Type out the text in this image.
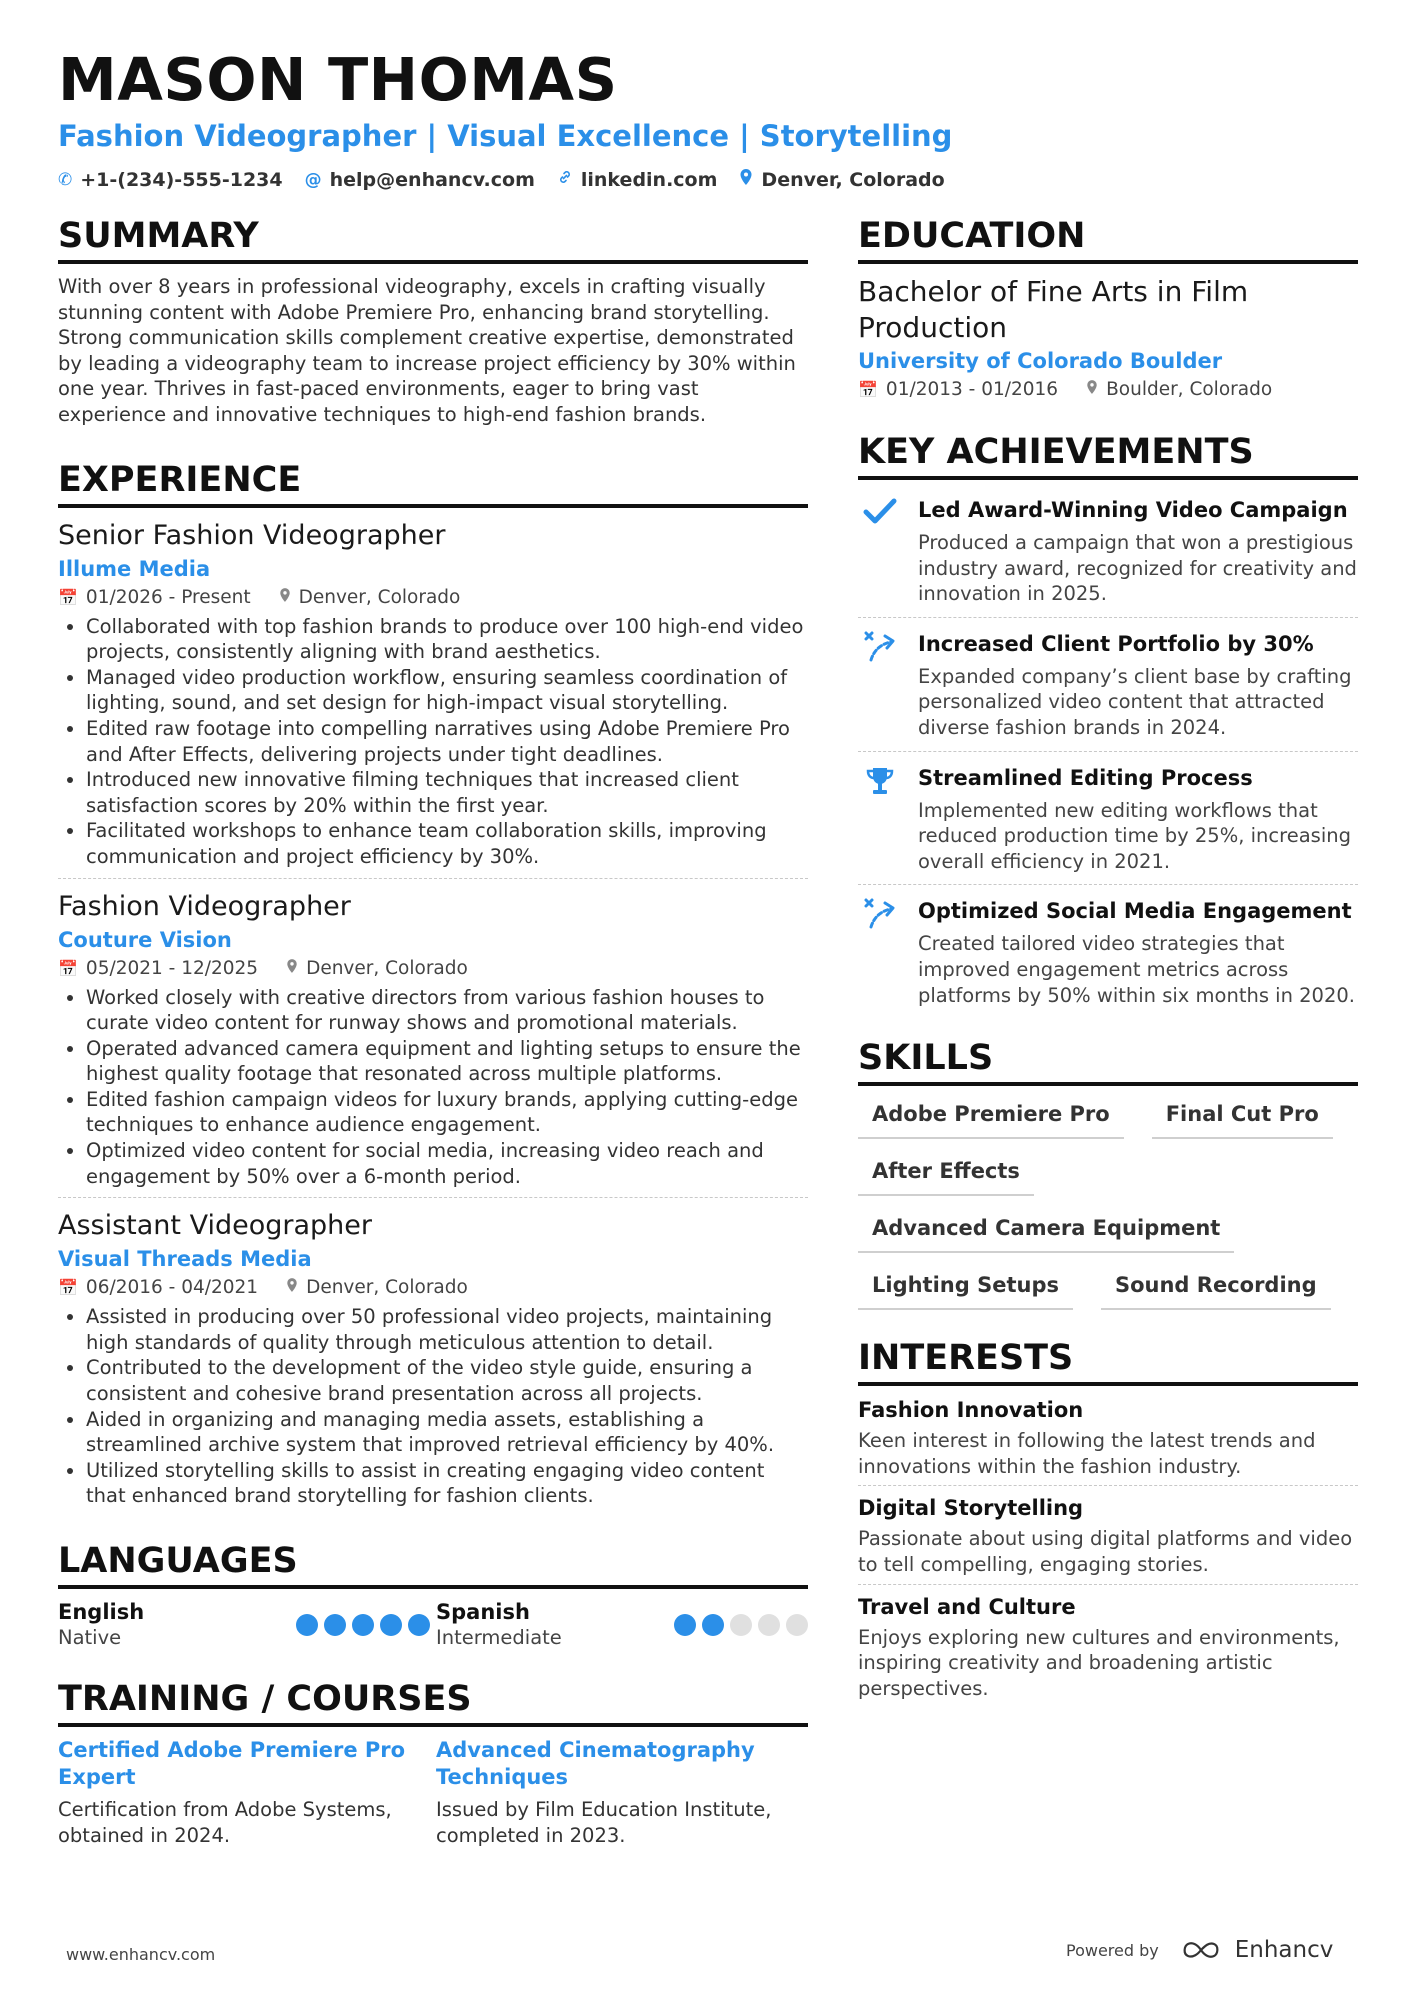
MASON THOMAS
Fashion Videographer | Visual Excellence | Storytelling
✆ +1-(234)-555-1234 @ help@enhancv.com linkedin.com Denver, Colorado
SUMMARY
With over 8 years in professional videography, excels in crafting visually stunning content with Adobe Premiere Pro, enhancing brand storytelling. Strong communication skills complement creative expertise, demonstrated by leading a videography team to increase project efficiency by 30% within one year. Thrives in fast-paced environments, eager to bring vast experience and innovative techniques to high-end fashion brands.
EXPERIENCE
Senior Fashion Videographer
Illume Media
📅 01/2026 - Present	Denver, Colorado
• Collaborated with top fashion brands to produce over 100 high-end video projects, consistently aligning with brand aesthetics.
• Managed video production workflow, ensuring seamless coordination of lighting, sound, and set design for high-impact visual storytelling.
• Edited raw footage into compelling narratives using Adobe Premiere Pro and After Effects, delivering projects under tight deadlines.
• Introduced new innovative filming techniques that increased client satisfaction scores by 20% within the first year.
• Facilitated workshops to enhance team collaboration skills, improving communication and project efficiency by 30%.
Fashion Videographer
Couture Vision
📅 05/2021 - 12/2025	Denver, Colorado
• Worked closely with creative directors from various fashion houses to curate video content for runway shows and promotional materials.
• Operated advanced camera equipment and lighting setups to ensure the highest quality footage that resonated across multiple platforms.
• Edited fashion campaign videos for luxury brands, applying cutting-edge techniques to enhance audience engagement.
• Optimized video content for social media, increasing video reach and engagement by 50% over a 6-month period.
Assistant Videographer
Visual Threads Media
📅 06/2016 - 04/2021	Denver, Colorado
• Assisted in producing over 50 professional video projects, maintaining high standards of quality through meticulous attention to detail.
• Contributed to the development of the video style guide, ensuring a consistent and cohesive brand presentation across all projects.
• Aided in organizing and managing media assets, establishing a streamlined archive system that improved retrieval efficiency by 40%.
• Utilized storytelling skills to assist in creating engaging video content that enhanced brand storytelling for fashion clients.
LANGUAGES
English
Native
Spanish
Intermediate
TRAINING / COURSES
Certified Adobe Premiere Pro Expert
Certification from Adobe Systems, obtained in 2024.
Advanced Cinematography Techniques
Issued by Film Education Institute, completed in 2023.
EDUCATION
Bachelor of Fine Arts in Film Production
University of Colorado Boulder
📅 01/2013 - 01/2016	Boulder, Colorado
KEY ACHIEVEMENTS
Led Award-Winning Video Campaign
Produced a campaign that won a prestigious industry award, recognized for creativity and innovation in 2025.
Increased Client Portfolio by 30%
Expanded company’s client base by crafting personalized video content that attracted diverse fashion brands in 2024.
Streamlined Editing Process
Implemented new editing workflows that reduced production time by 25%, increasing overall efficiency in 2021.
Optimized Social Media Engagement
Created tailored video strategies that improved engagement metrics across platforms by 50% within six months in 2020.
SKILLS
Adobe Premiere Pro	Final Cut Pro
After Effects
Advanced Camera Equipment
Lighting Setups	Sound Recording
INTERESTS
Fashion Innovation
Keen interest in following the latest trends and innovations within the fashion industry.
Digital Storytelling
Passionate about using digital platforms and video to tell compelling, engaging stories.
Travel and Culture
Enjoys exploring new cultures and environments, inspiring creativity and broadening artistic perspectives.
www.enhancv.com	Powered by	Enhancv
